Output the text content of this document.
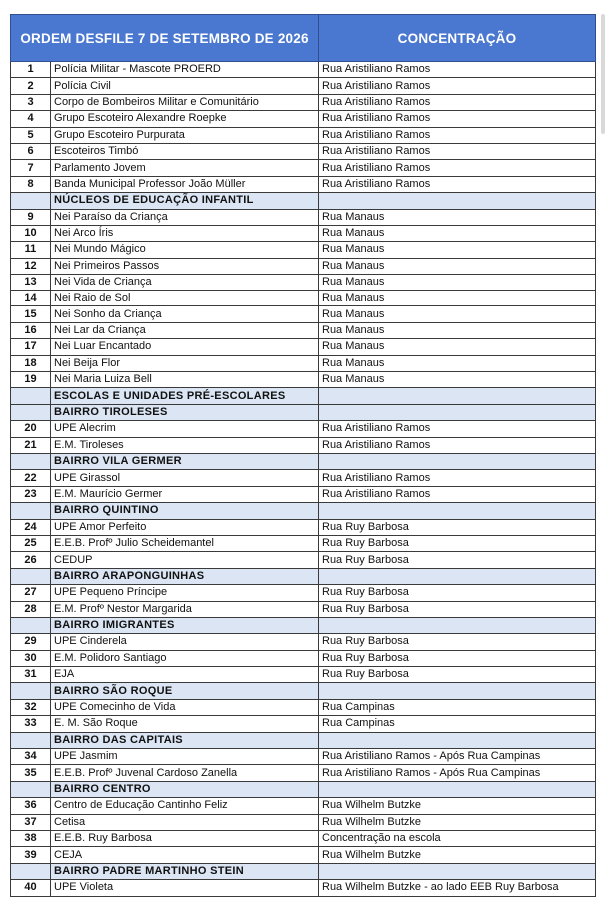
ORDEM DESFILE 7 DE SETEMBRO DE 2026		CONCENTRAÇÃO
1	Polícia Militar - Mascote PROERD	Rua Aristiliano Ramos
2	Polícia Civil	Rua Aristiliano Ramos
3	Corpo de Bombeiros Militar e Comunitário	Rua Aristiliano Ramos
4	Grupo Escoteiro Alexandre Roepke	Rua Aristiliano Ramos
5	Grupo Escoteiro Purpurata	Rua Aristiliano Ramos
6	Escoteiros Timbó	Rua Aristiliano Ramos
7	Parlamento Jovem	Rua Aristiliano Ramos
8	Banda Municipal Professor João Müller	Rua Aristiliano Ramos
	NÚCLEOS DE EDUCAÇÃO INFANTIL	
9	Nei Paraíso da Criança	Rua Manaus
10	Nei Arco Íris	Rua Manaus
11	Nei Mundo Mágico	Rua Manaus
12	Nei Primeiros Passos	Rua Manaus
13	Nei Vida de Criança	Rua Manaus
14	Nei Raio de Sol	Rua Manaus
15	Nei Sonho da Criança	Rua Manaus
16	Nei Lar da Criança	Rua Manaus
17	Nei Luar Encantado	Rua Manaus
18	Nei Beija Flor	Rua Manaus
19	Nei Maria Luiza Bell	Rua Manaus
	ESCOLAS E UNIDADES PRÉ-ESCOLARES	
	BAIRRO TIROLESES	
20	UPE Alecrim	Rua Aristiliano Ramos
21	E.M. Tiroleses	Rua Aristiliano Ramos
	BAIRRO VILA GERMER	
22	UPE Girassol	Rua Aristiliano Ramos
23	E.M. Maurício Germer	Rua Aristiliano Ramos
	BAIRRO QUINTINO	
24	UPE Amor Perfeito	Rua Ruy Barbosa
25	E.E.B. Profº Julio Scheidemantel	Rua Ruy Barbosa
26	CEDUP	Rua Ruy Barbosa
	BAIRRO ARAPONGUINHAS	
27	UPE Pequeno Príncipe	Rua Ruy Barbosa
28	E.M. Profº Nestor Margarida	Rua Ruy Barbosa
	BAIRRO IMIGRANTES	
29	UPE Cinderela	Rua Ruy Barbosa
30	E.M. Polidoro Santiago	Rua Ruy Barbosa
31	EJA	Rua Ruy Barbosa
	BAIRRO SÃO ROQUE	
32	UPE Comecinho de Vida	Rua Campinas
33	E. M. São Roque	Rua Campinas
	BAIRRO DAS CAPITAIS	
34	UPE Jasmim	Rua Aristiliano Ramos - Após Rua Campinas
35	E.E.B. Profº Juvenal Cardoso Zanella	Rua Aristiliano Ramos - Após Rua Campinas
	BAIRRO CENTRO	
36	Centro de Educação Cantinho Feliz	Rua Wilhelm Butzke
37	Cetisa	Rua Wilhelm Butzke
38	E.E.B. Ruy Barbosa	Concentração na escola
39	CEJA	Rua Wilhelm Butzke
	BAIRRO PADRE MARTINHO STEIN	
40	UPE Violeta	Rua Wilhelm Butzke - ao lado EEB Ruy Barbosa
